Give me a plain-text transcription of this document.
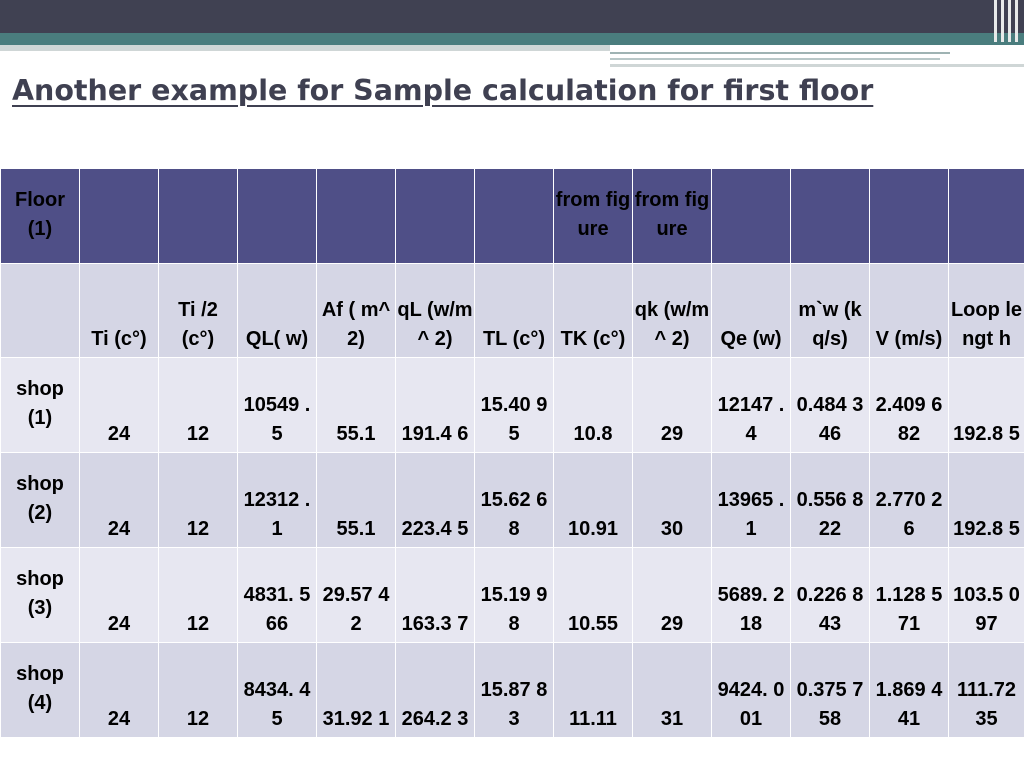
Another example for Sample calculation for first floor
Floor (1)							from figure	from figure				
	Ti (c°)	Ti /2 (c°)	QL( w)	Af ( m^2)	qL (w/m^ 2)	TL (c°)	TK (c°)	qk (w/m^ 2)	Qe (w)	m`w (kq/s)	V (m/s)	Loop lengt h
shop (1)	24	12	10549 .5	55.1	191.4 6	15.40 95	10.8	29	12147 .4	0.484 346	2.409 682	192.8 5
shop (2)	24	12	12312 .1	55.1	223.4 5	15.62 68	10.91	30	13965 .1	0.556 822	2.770 26	192.8 5
shop (3)	24	12	4831. 566	29.57 42	163.3 7	15.19 98	10.55	29	5689. 218	0.226 843	1.128 571	103.5 097
shop (4)	24	12	8434. 45	31.92 1	264.2 3	15.87 83	11.11	31	9424. 001	0.375 758	1.869 441	111.72 35
